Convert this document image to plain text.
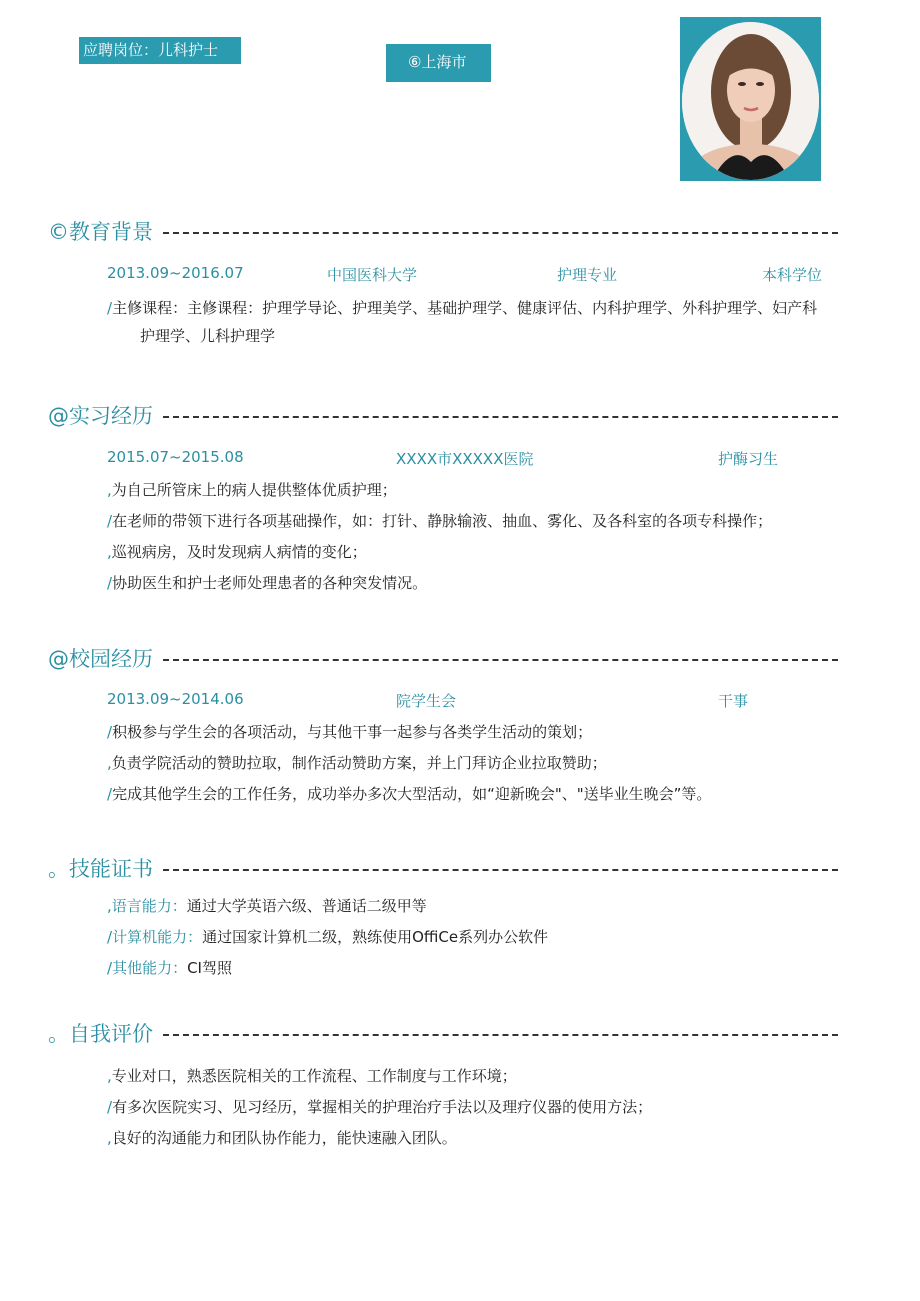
应聘岗位：儿科护士
⑥上海市
©教育背景
2013.09~2016.07	中国医科大学	护理专业	本科学位
/主修课程：主修课程：护理学导论、护理美学、基础护理学、健康评估、内科护理学、外科护理学、妇产科
护理学、儿科护理学
@实习经历
2015.07~2015.08	XXXX市XXXXX医院	护酶习生
,为自己所管床上的病人提供整体优质护理；
/在老师的带领下进行各项基础操作，如：打针、静脉输液、抽血、雾化、及各科室的各项专科操作；
,巡视病房，及时发现病人病情的变化；
/协助医生和护士老师处理患者的各种突发情况。
@校园经历
2013.09~2014.06	院学生会	干事
/积极参与学生会的各项活动，与其他干事一起参与各类学生活动的策划；
,负责学院活动的赞助拉取，制作活动赞助方案，并上门拜访企业拉取赞助；
/完成其他学生会的工作任务，成功举办多次大型活动，如“迎新晚会"、"送毕业生晚会”等。
。技能证书
,语言能力：通过大学英语六级、普通话二级甲等
/计算机能力：通过国家计算机二级，熟练使用OffiCe系列办公软件
/其他能力：CI驾照
。自我评价
,专业对口，熟悉医院相关的工作流程、工作制度与工作环境；
/有多次医院实习、见习经历，掌握相关的护理治疗手法以及理疗仪器的使用方法；
,良好的沟通能力和团队协作能力，能快速融入团队。
